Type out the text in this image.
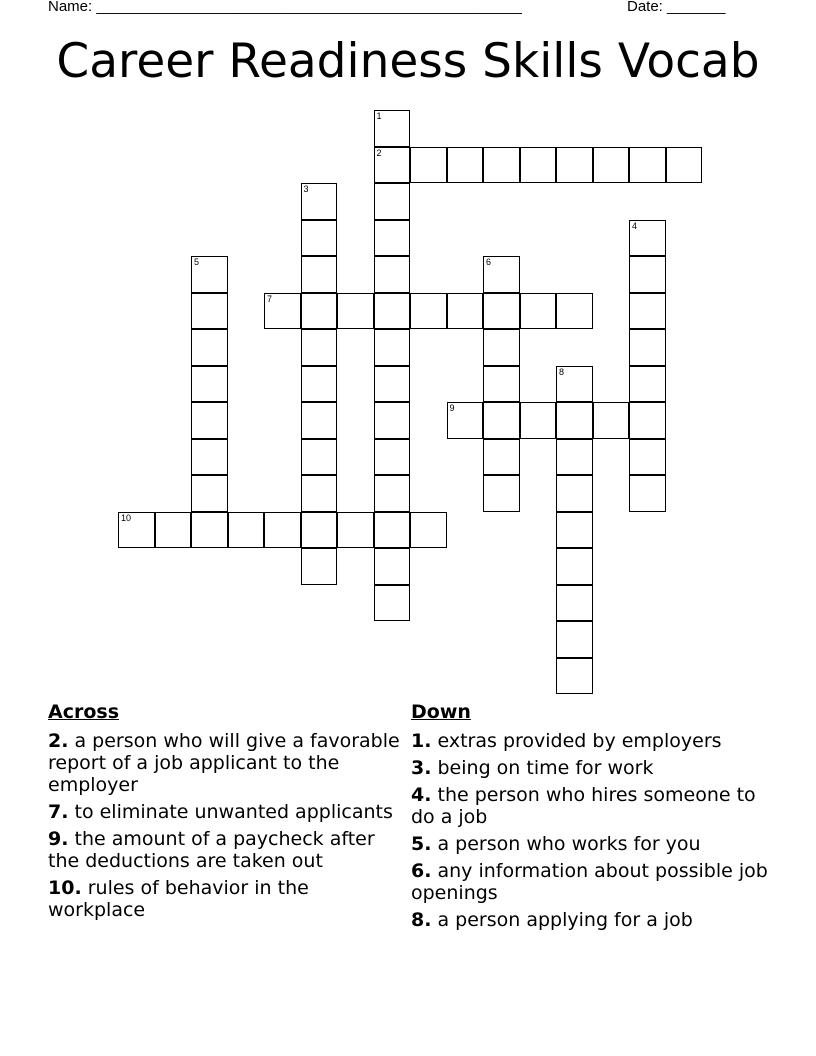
Name: ___________________________________________________	Date: _______
Career Readiness Skills Vocab
1
2
3
4
5	6
7
8
9
10
Across
2. a person who will give a favorable report of a job applicant to the employer
7. to eliminate unwanted applicants
9. the amount of a paycheck after the deductions are taken out
10. rules of behavior in the workplace
Down
1. extras provided by employers
3. being on time for work
4. the person who hires someone to do a job
5. a person who works for you
6. any information about possible job openings
8. a person applying for a job
